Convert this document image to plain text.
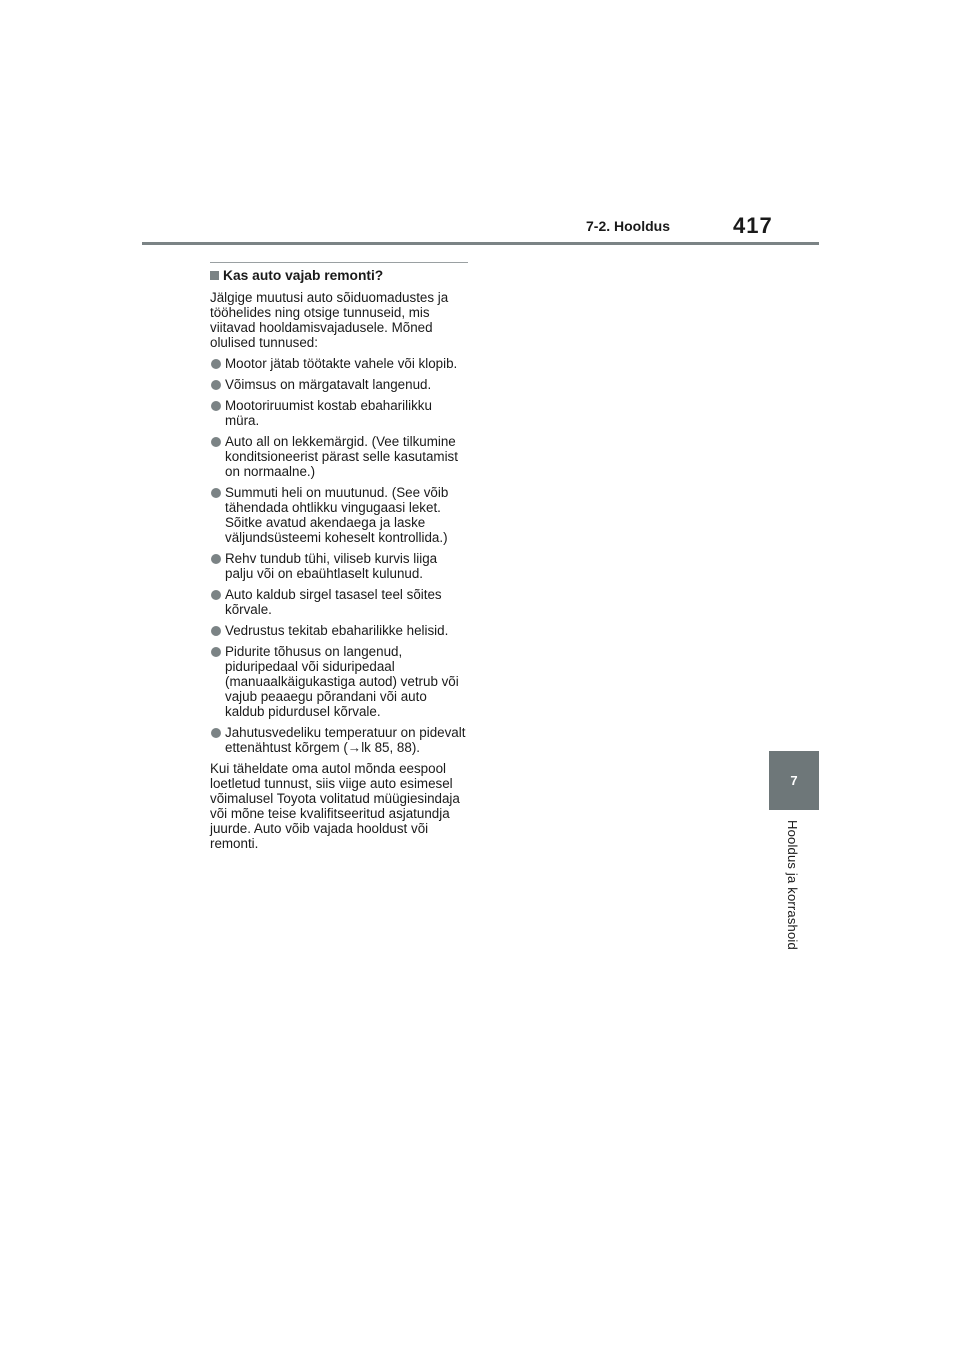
7-2. Hooldus	417
7
Hooldus ja korrashoid
Kas auto vajab remonti?

Jälgige muutusi auto sõiduomadustes ja tööhelides ning otsige tunnuseid, mis viitavad hooldamisvajadusele. Mõned olulised tunnused:

Mootor jätab töötakte vahele või klopib.
Võimsus on märgatavalt langenud.
Mootoriruumist kostab ebaharilikku müra.
Auto all on lekkemärgid. (Vee tilkumine konditsioneerist pärast selle kasutamist on normaalne.)
Summuti heli on muutunud. (See võib tähendada ohtlikku vingugaasi leket. Sõitke avatud akendaega ja laske väljundsüsteemi koheselt kontrollida.)
Rehv tundub tühi, viliseb kurvis liiga palju või on ebaühtlaselt kulunud.
Auto kaldub sirgel tasasel teel sõites kõrvale.
Vedrustus tekitab ebaharilikke helisid.
Pidurite tõhusus on langenud, piduripedaal või siduripedaal (manuaalkäigukastiga autod) vetrub või vajub peaaegu põrandani või auto kaldub pidurdusel kõrvale.
Jahutusvedeliku temperatuur on pidevalt ettenähtust kõrgem (→lk 85, 88).

Kui täheldate oma autol mõnda eespool loetletud tunnust, siis viige auto esimesel võimalusel Toyota volitatud müügiesindaja või mõne teise kvalifitseeritud asjatundja juurde. Auto võib vajada hooldust või remonti.
